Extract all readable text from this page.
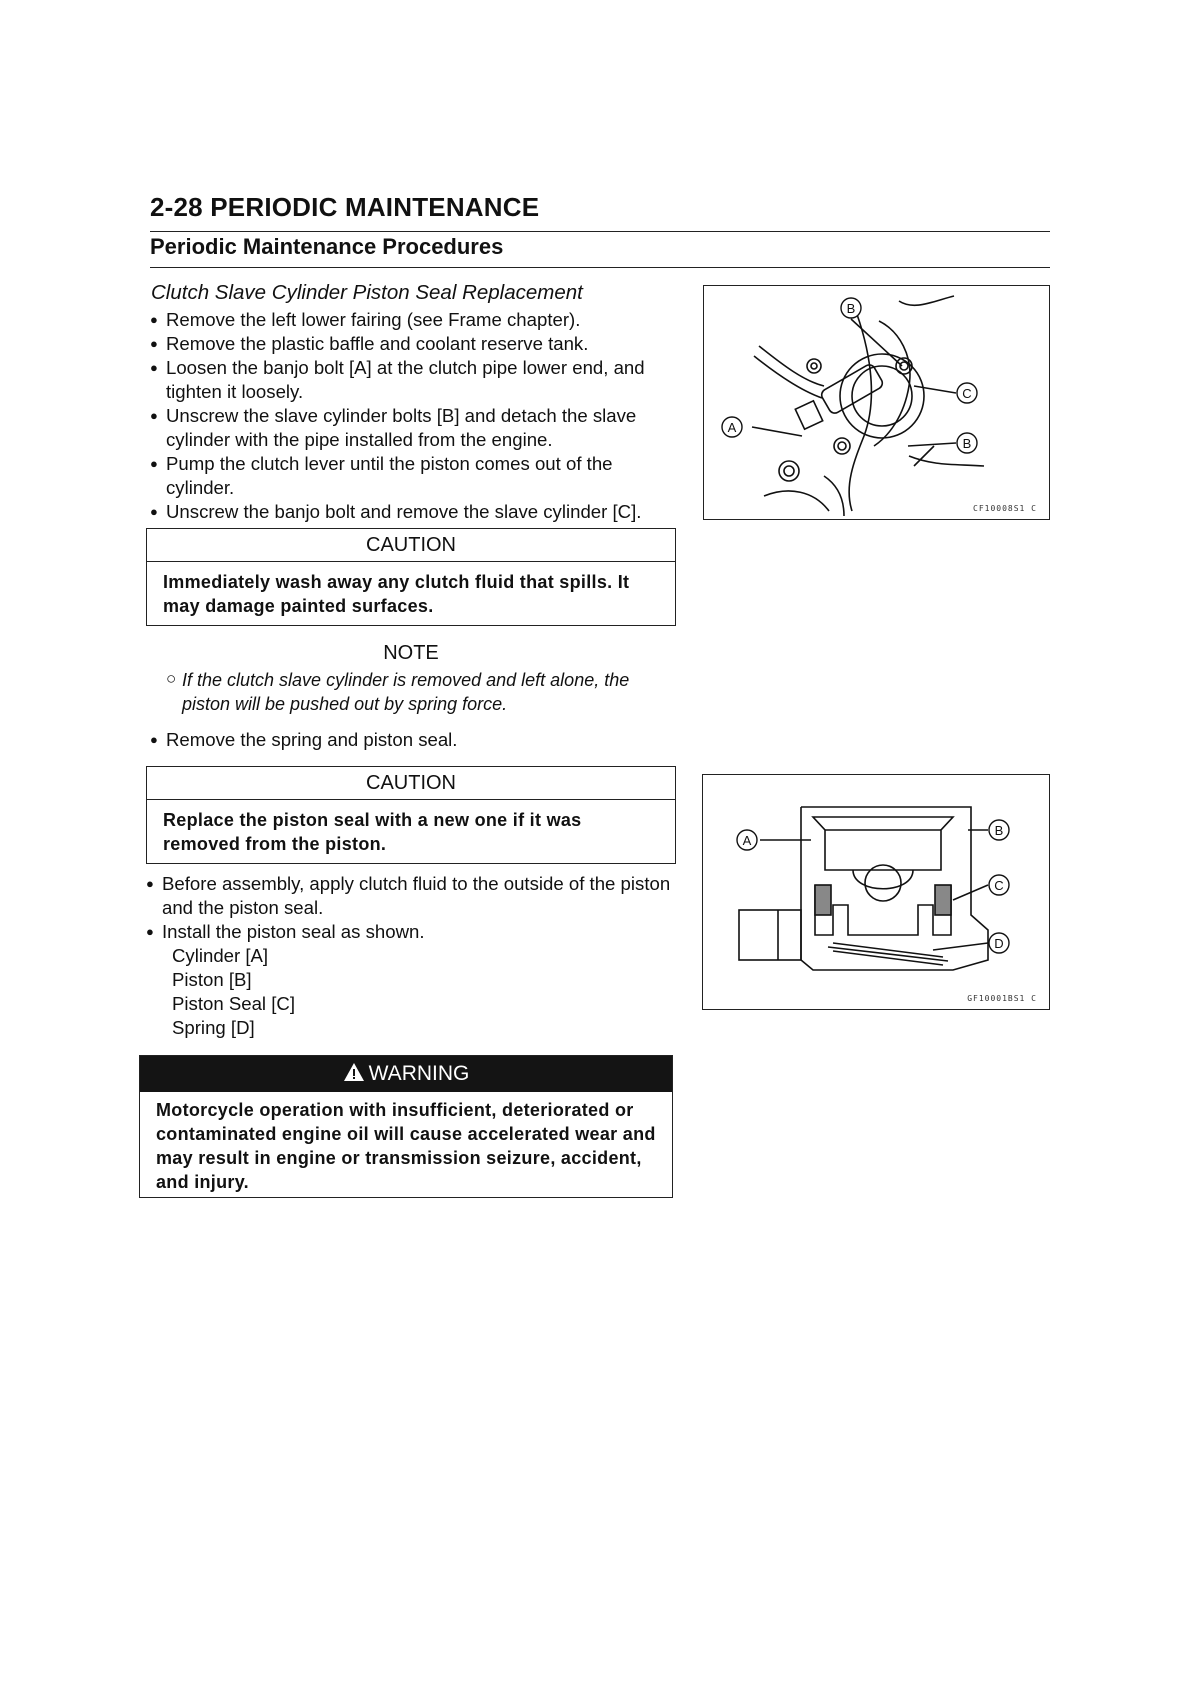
2-28 PERIODIC MAINTENANCE
Periodic Maintenance Procedures
Clutch Slave Cylinder Piston Seal Replacement
● Remove the left lower fairing (see Frame chapter).
● Remove the plastic baffle and coolant reserve tank.
● Loosen the banjo bolt [A] at the clutch pipe lower end, and tighten it loosely.
● Unscrew the slave cylinder bolts [B] and detach the slave cylinder with the pipe installed from the engine.
● Pump the clutch lever until the piston comes out of the cylinder.
● Unscrew the banjo bolt and remove the slave cylinder [C].
CAUTION
Immediately wash away any clutch fluid that spills. It may damage painted surfaces.
NOTE
○ If the clutch slave cylinder is removed and left alone, the piston will be pushed out by spring force.
● Remove the spring and piston seal.
CAUTION
Replace the piston seal with a new one if it was removed from the piston.
● Before assembly, apply clutch fluid to the outside of the piston and the piston seal.
● Install the piston seal as shown.
Cylinder [A]
Piston [B]
Piston Seal [C]
Spring [D]
WARNING
Motorcycle operation with insufficient, deteriorated or contaminated engine oil will cause accelerated wear and may result in engine or transmission seizure, accident, and injury.
B
A
C
B
CF10008S1 C
A
B
C
D
GF10001BS1 C
